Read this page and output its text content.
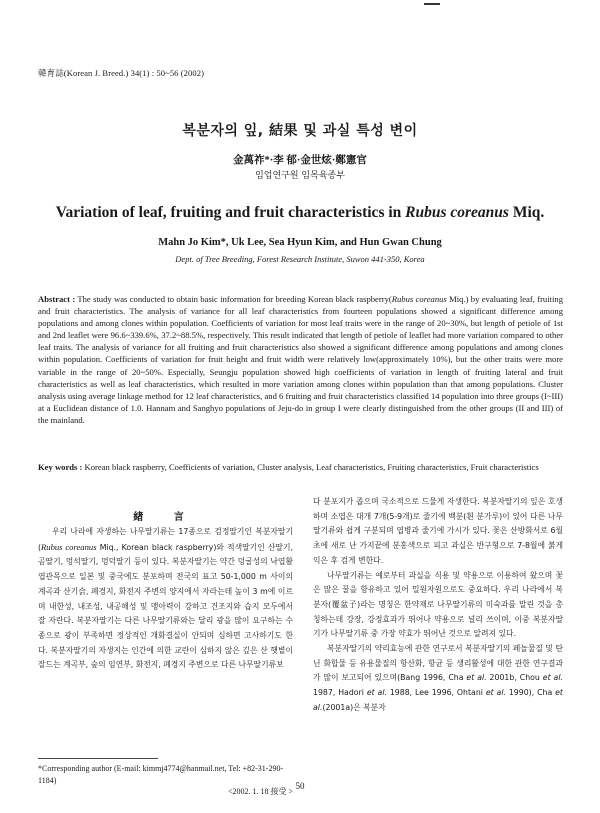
韓育誌(Korean J. Breed.) 34(1) : 50~56 (2002)
복분자의 잎, 結果 및 과실 특성 변이
金萬祚*·李 郁·金世炫·鄭憲官
임업연구원 임목육종부
Variation of leaf, fruiting and fruit characteristics in Rubus coreanus Miq.
Mahn Jo Kim*, Uk Lee, Sea Hyun Kim, and Hun Gwan Chung
Dept. of Tree Breeding, Forest Research Institute, Suwon 441-350, Korea
Abstract : The study was conducted to obtain basic information for breeding Korean black raspberry(Rubus coreanus Miq.) by evaluating leaf, fruiting and fruit characteristics. The analysis of variance for all leaf characteristics from fourteen populations showed a significant difference among populations and among clones within population. Coefficients of variation for most leaf traits were in the range of 20~30%, but length of petiole of 1st and 2nd leaflet were 96.6~339.6%, 37.2~88.5%, respectively. This result indicated that length of petiole of leaflet had more variation compared to other leaf traits. The analysis of variance for all fruiting and fruit characteristics also showed a significant difference among populations and among clones within population. Coefficients of variation for fruit height and fruit width were relatively low(approximately 10%), but the other traits were more variable in the range of 20~50%. Especially, Seungju population showed high coefficients of variation in length of fruiting lateral and fruit characteristics as well as leaf characteristics, which resulted in more variation among clones within population than that among populations. Cluster analysis using average linkage method for 12 leaf characteristics, and 6 fruiting and fruit characteristics classified 14 population into three groups (I~III) at a Euclidean distance of 1.0. Hannam and Sanghyo populations of Jeju-do in group I were clearly distinguished from the other groups (II and III) of the mainland.
Key words : Korean black raspberry, Coefficients of variation, Cluster analysis, Leaf characteristics, Fruiting characteristics, Fruit characteristics
緖 言

우리 나라에 자생하는 나무딸기류는 17종으로 검정딸기인 복분자딸기(Rubus coreanus Miq., Korean black raspberry)와 적색딸기인 산딸기, 곰딸기, 멍석딸기, 멍덕딸기 등이 있다. 복분자딸기는 약간 덩굴성의 낙엽활엽관목으로 일본 및 중국에도 분포하며 전국의 표고 50-1,000 m 사이의 계곡과 산기슭, 폐경지, 화전지 주변의 양지에서 자라는데 높이 3 m에 이르며 내한성, 내조성, 내공해성 및 맹아력이 강하고 건조지와 습지 모두에서 잘 자란다. 복분자딸기는 다른 나무딸기류와는 달리 광을 많이 요구하는 수종으로 광이 부족하면 정상적인 개화결실이 안되며 심하면 고사하기도 한다. 복분자딸기의 자생지는 인간에 의한 교란이 심하지 않은 깊은 산 햇볕이 잘드는 계곡부, 숲의 임연부, 화전지, 폐경지 주변으로 다른 나무딸기류보

다 분포지가 좁으며 국소적으로 드물게 자생한다. 복분자딸기의 잎은 호생하며 소엽은 대개 7개(5-9개)로 줄기에 백분(흰 분가루)이 있어 다른 나무딸기류와 쉽게 구분되며 엽병과 줄기에 가시가 있다. 꽃은 산방화서로 6월초에 새로 난 가지끝에 분홍색으로 피고 과실은 반구형으로 7-8월에 붉게 익은 후 검게 변한다.

나무딸기류는 예로부터 과실을 식용 및 약용으로 이용하여 왔으며 꽃은 많은 꿀을 함유하고 있어 밀원자원으로도 중요하다. 우리 나라에서 복분자(覆盆子)라는 명칭은 한약재로 나무딸기류의 미숙과를 말린 것을 총칭하는데 강장, 강정효과가 뛰어나 약용으로 널리 쓰이며, 이중 복분자딸기가 나무딸기류 중 가장 약효가 뛰어난 것으로 알려져 있다.

복분자딸기의 약리효능에 관한 연구로서 복분자딸기의 페놀물질 및 탄닌 화합물 등 유용물질의 항산화, 항균 등 생리활성에 대한 관한 연구결과가 많이 보고되어 있으며(Bang 1996, Cha et al. 2001b, Chou et al. 1987, Hadori et al. 1988, Lee 1996, Ohtani et al. 1990), Cha et al.(2001a)은 복분자

*Corresponding author (E-mail: kimmj4774@hanmail.net, Tel: +82-31-290-1184)
<2002. 1. 18 接受 >
50
